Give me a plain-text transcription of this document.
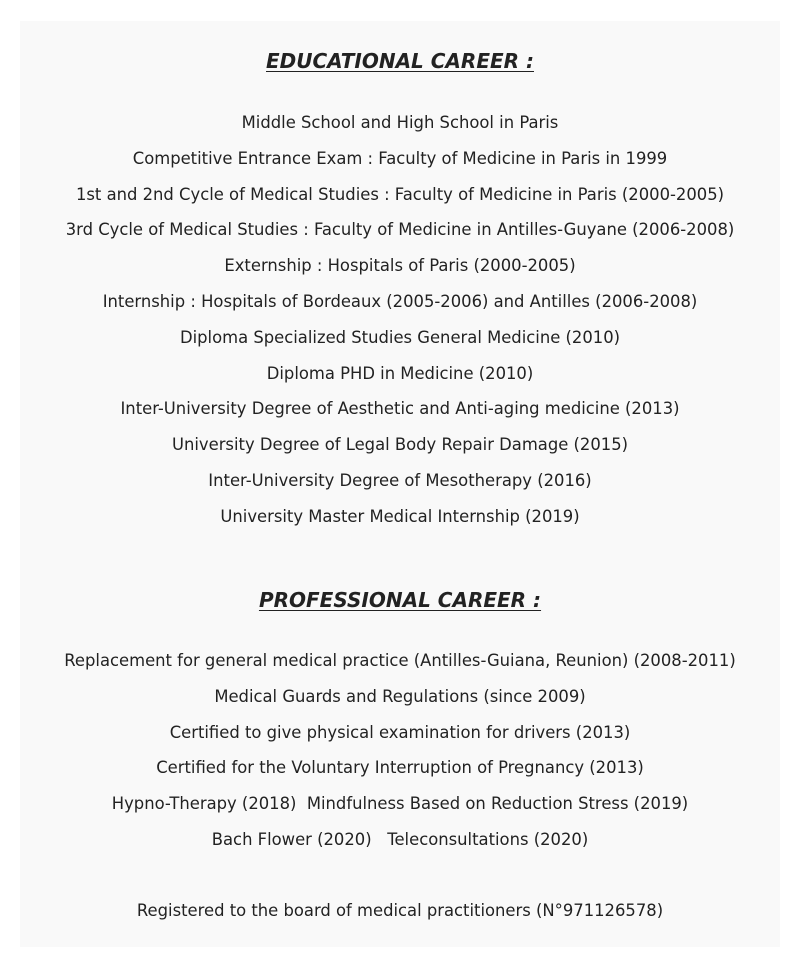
EDUCATIONAL CAREER :
Middle School and High School in Paris
Competitive Entrance Exam : Faculty of Medicine in Paris in 1999
1st and 2nd Cycle of Medical Studies : Faculty of Medicine in Paris (2000-2005)
3rd Cycle of Medical Studies : Faculty of Medicine in Antilles-Guyane (2006-2008)
Externship : Hospitals of Paris (2000-2005)
Internship : Hospitals of Bordeaux (2005-2006) and Antilles (2006-2008)
Diploma Specialized Studies General Medicine (2010)
Diploma PHD in Medicine (2010)
Inter-University Degree of Aesthetic and Anti-aging medicine (2013)
University Degree of Legal Body Repair Damage (2015)
Inter-University Degree of Mesotherapy (2016)
University Master Medical Internship (2019)
PROFESSIONAL CAREER :
Replacement for general medical practice (Antilles-Guiana, Reunion) (2008-2011)
Medical Guards and Regulations (since 2009)
Certified to give physical examination for drivers (2013)
Certified for the Voluntary Interruption of Pregnancy (2013)
Hypno-Therapy (2018)  Mindfulness Based on Reduction Stress (2019)
Bach Flower (2020)   Teleconsultations (2020)

Registered to the board of medical practitioners (N°971126578)
